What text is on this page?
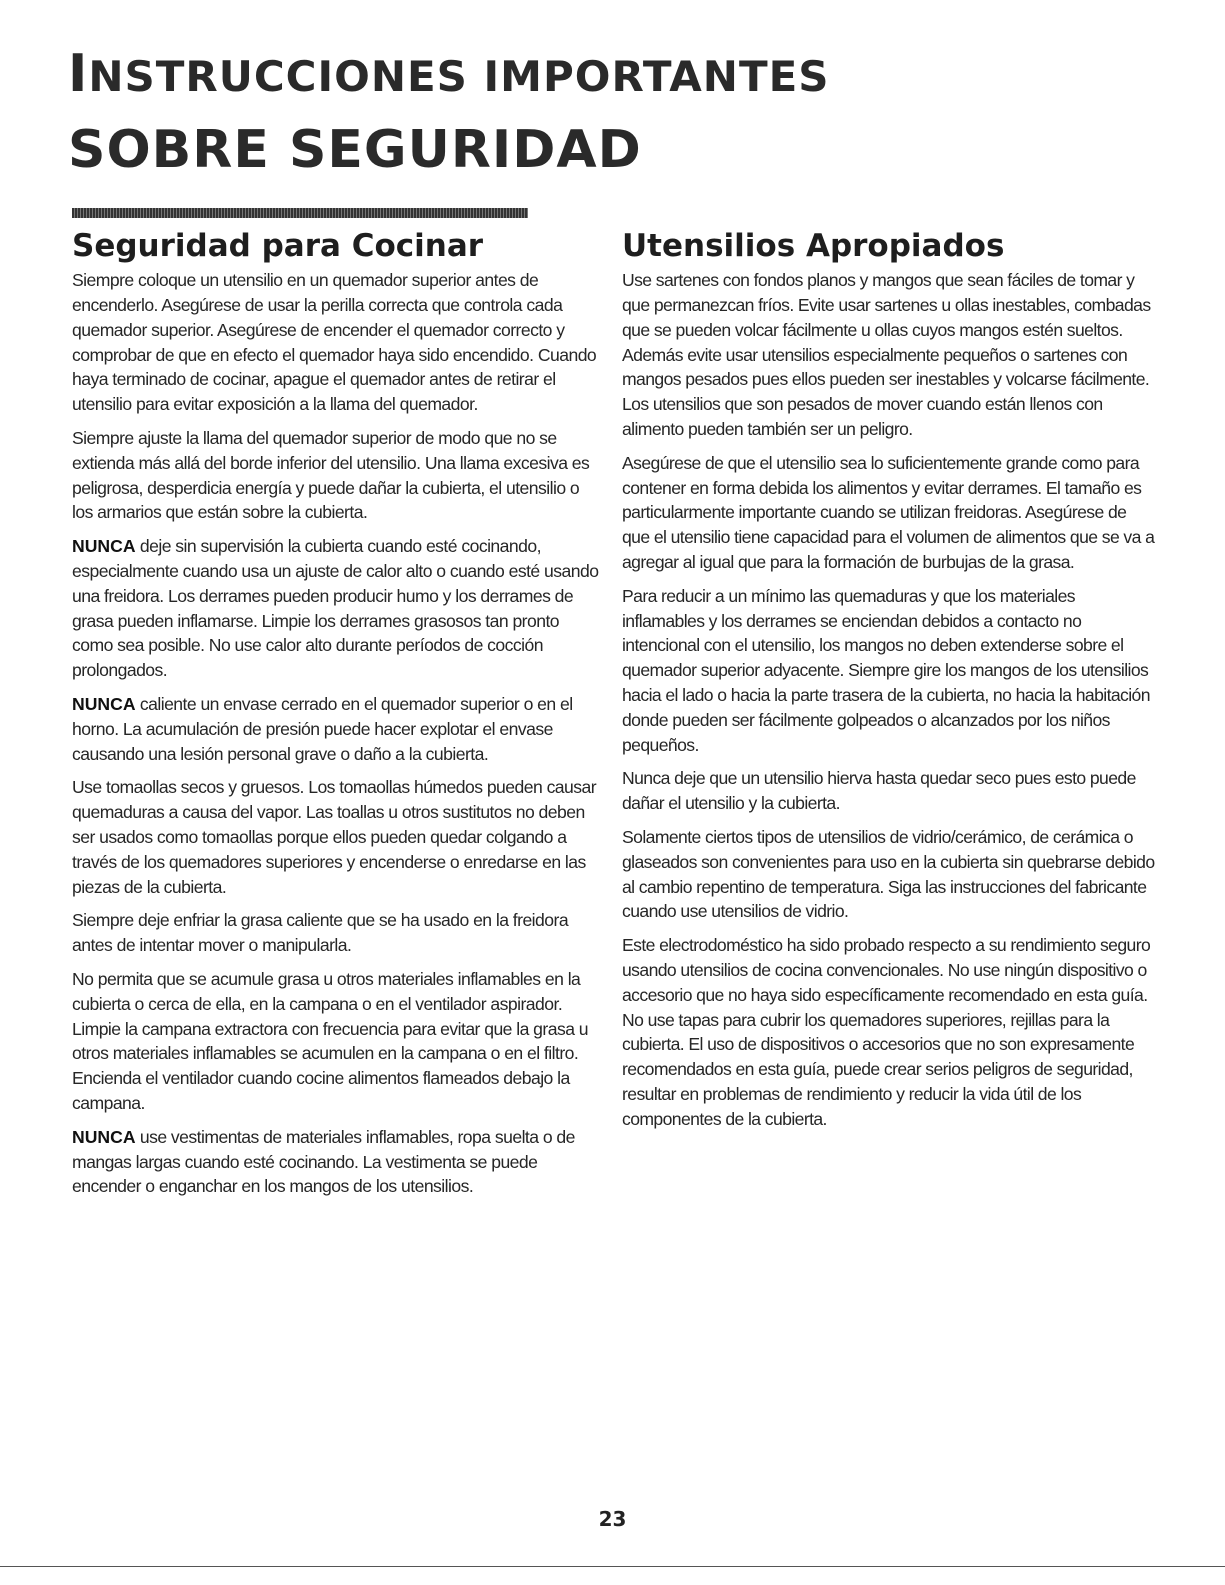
INSTRUCCIONES IMPORTANTES
SOBRE SEGURIDAD
Seguridad para Cocinar

Siempre coloque un utensilio en un quemador superior antes de encenderlo. Asegúrese de usar la perilla correcta que controla cada quemador superior. Asegúrese de encender el quemador correcto y comprobar de que en efecto el quemador haya sido encendido. Cuando haya terminado de cocinar, apague el quemador antes de retirar el utensilio para evitar exposición a la llama del quemador.

Siempre ajuste la llama del quemador superior de modo que no se extienda más allá del borde inferior del utensilio. Una llama excesiva es peligrosa, desperdicia energía y puede dañar la cubierta, el utensilio o los armarios que están sobre la cubierta.

NUNCA deje sin supervisión la cubierta cuando esté cocinando, especialmente cuando usa un ajuste de calor alto o cuando esté usando una freidora. Los derrames pueden producir humo y los derrames de grasa pueden inflamarse. Limpie los derrames grasosos tan pronto como sea posible. No use calor alto durante períodos de cocción prolongados.

NUNCA caliente un envase cerrado en el quemador superior o en el horno. La acumulación de presión puede hacer explotar el envase causando una lesión personal grave o daño a la cubierta.

Use tomaollas secos y gruesos. Los tomaollas húmedos pueden causar quemaduras a causa del vapor. Las toallas u otros sustitutos no deben ser usados como tomaollas porque ellos pueden quedar colgando a través de los quemadores superiores y encenderse o enredarse en las piezas de la cubierta.

Siempre deje enfriar la grasa caliente que se ha usado en la freidora antes de intentar mover o manipularla.

No permita que se acumule grasa u otros materiales inflamables en la cubierta o cerca de ella, en la campana o en el ventilador aspirador. Limpie la campana extractora con frecuencia para evitar que la grasa u otros materiales inflamables se acumulen en la campana o en el filtro. Encienda el ventilador cuando cocine alimentos flameados debajo la campana.

NUNCA use vestimentas de materiales inflamables, ropa suelta o de mangas largas cuando esté cocinando. La vestimenta se puede encender o enganchar en los mangos de los utensilios.

Utensilios Apropiados

Use sartenes con fondos planos y mangos que sean fáciles de tomar y que permanezcan fríos. Evite usar sartenes u ollas inestables, combadas que se pueden volcar fácilmente u ollas cuyos mangos estén sueltos. Además evite usar utensilios especialmente pequeños o sartenes con mangos pesados pues ellos pueden ser inestables y volcarse fácilmente. Los utensilios que son pesados de mover cuando están llenos con alimento pueden también ser un peligro.

Asegúrese de que el utensilio sea lo suficientemente grande como para contener en forma debida los alimentos y evitar derrames. El tamaño es particularmente importante cuando se utilizan freidoras. Asegúrese de que el utensilio tiene capacidad para el volumen de alimentos que se va a agregar al igual que para la formación de burbujas de la grasa.

Para reducir a un mínimo las quemaduras y que los materiales inflamables y los derrames se enciendan debidos a contacto no intencional con el utensilio, los mangos no deben extenderse sobre el quemador superior adyacente. Siempre gire los mangos de los utensilios hacia el lado o hacia la parte trasera de la cubierta, no hacia la habitación donde pueden ser fácilmente golpeados o alcanzados por los niños pequeños.

Nunca deje que un utensilio hierva hasta quedar seco pues esto puede dañar el utensilio y la cubierta.

Solamente ciertos tipos de utensilios de vidrio/cerámico, de cerámica o glaseados son convenientes para uso en la cubierta sin quebrarse debido al cambio repentino de temperatura. Siga las instrucciones del fabricante cuando use utensilios de vidrio.

Este electrodoméstico ha sido probado respecto a su rendimiento seguro usando utensilios de cocina convencionales. No use ningún dispositivo o accesorio que no haya sido específicamente recomendado en esta guía. No use tapas para cubrir los quemadores superiores, rejillas para la cubierta. El uso de dispositivos o accesorios que no son expresamente recomendados en esta guía, puede crear serios peligros de seguridad, resultar en problemas de rendimiento y reducir la vida útil de los componentes de la cubierta.

23
